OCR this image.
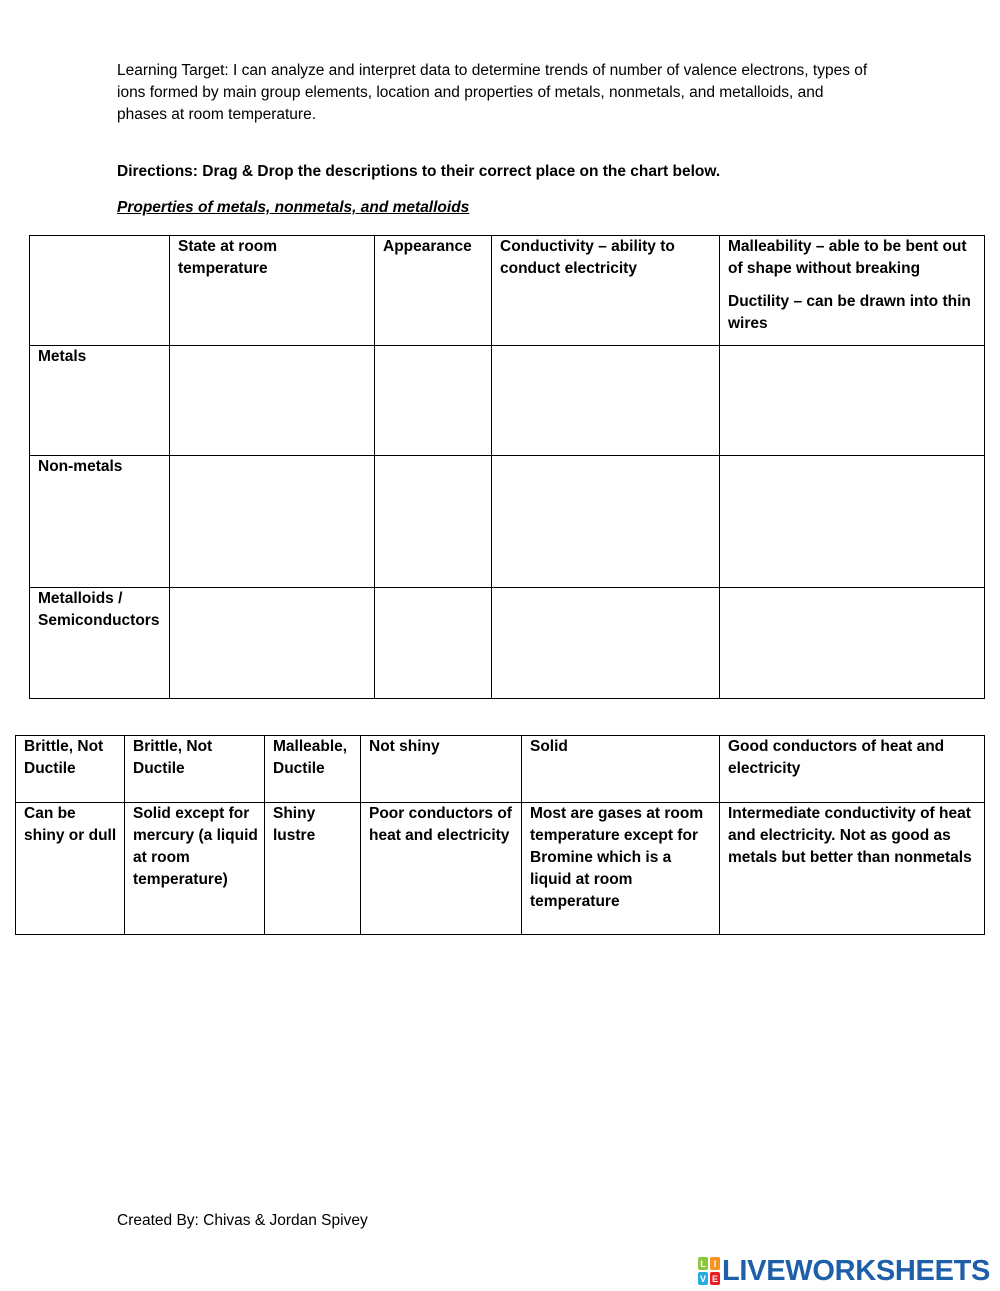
Learning Target: I can analyze and interpret data to determine trends of number of valence electrons, types of ions formed by main group elements, location and properties of metals, nonmetals, and metalloids, and phases at room temperature.

Directions: Drag & Drop the descriptions to their correct place on the chart below.

Properties of metals, nonmetals, and metalloids

	State at room temperature	Appearance	Conductivity – ability to conduct electricity	Malleability – able to be bent out of shape without breaking
Ductility – can be drawn into thin wires

Metals				
Non-metals				
Metalloids / Semiconductors				
Brittle, Not Ductile	Brittle, Not Ductile	Malleable, Ductile	Not shiny	Solid	Good conductors of heat and electricity
Can be shiny or dull	Solid except for mercury (a liquid at room temperature)	Shiny lustre	Poor conductors of heat and electricity	Most are gases at room temperature except for Bromine which is a liquid at room temperature	Intermediate conductivity of heat and electricity. Not as good as metals but better than nonmetals

Created By: Chivas & Jordan Spivey

L I
V E LIVEWORKSHEETS
